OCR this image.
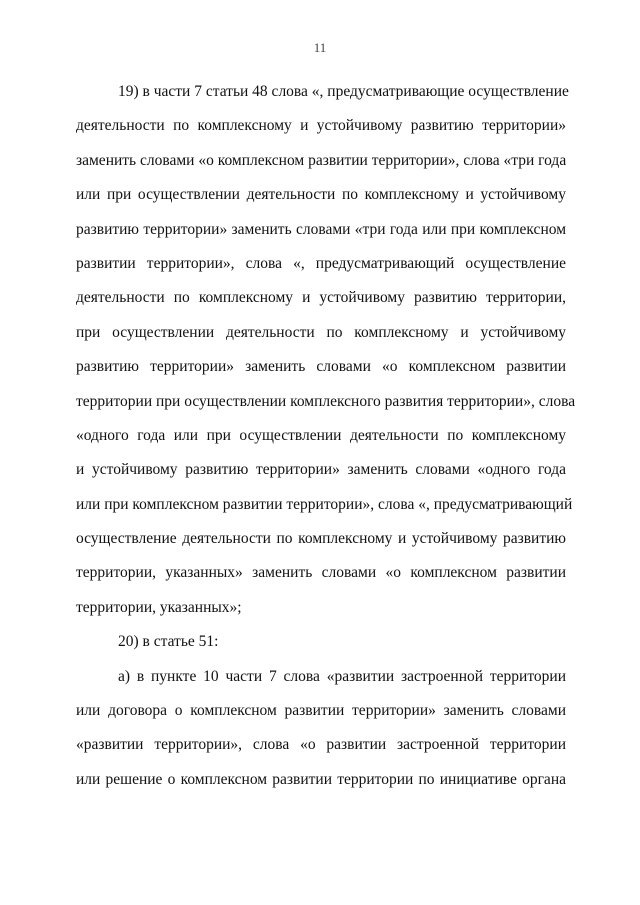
11
19) в части 7 статьи 48 слова «, предусматривающие осуществление
деятельности по комплексному и устойчивому развитию территории»
заменить словами «о комплексном развитии территории», слова «три года
или при осуществлении деятельности по комплексному и устойчивому
развитию территории» заменить словами «три года или при комплексном
развитии территории», слова «, предусматривающий осуществление
деятельности по комплексному и устойчивому развитию территории,
при осуществлении деятельности по комплексному и устойчивому
развитию территории» заменить словами «о комплексном развитии
территории при осуществлении комплексного развития территории», слова
«одного года или при осуществлении деятельности по комплексному
и устойчивому развитию территории» заменить словами «одного года
или при комплексном развитии территории», слова «, предусматривающий
осуществление деятельности по комплексному и устойчивому развитию
территории, указанных» заменить словами «о комплексном развитии
территории, указанных»;
20) в статье 51:
а) в пункте 10 части 7 слова «развитии застроенной территории
или договора о комплексном развитии территории» заменить словами
«развитии территории», слова «о развитии застроенной территории
или решение о комплексном развитии территории по инициативе органа
